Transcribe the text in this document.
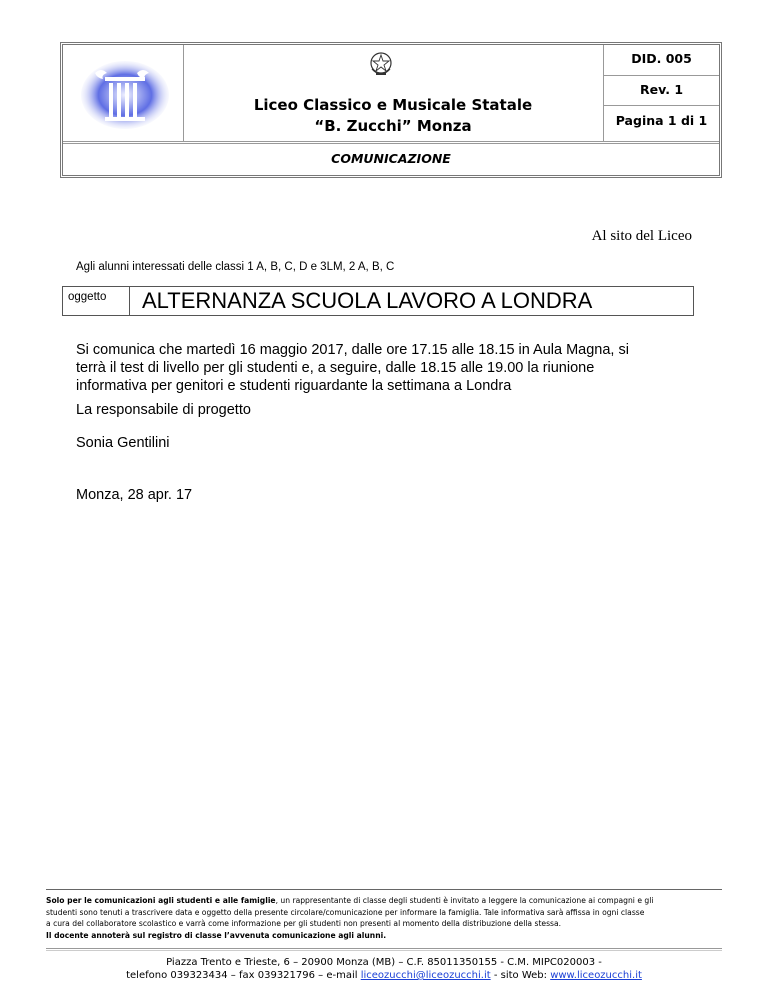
Liceo Classico e Musicale Statale
“B. Zucchi” Monza
DID. 005
Rev. 1
Pagina 1 di 1
COMUNICAZIONE
Al sito del Liceo
Agli alunni interessati delle classi 1 A, B, C, D e 3LM, 2 A, B, C
oggetto	ALTERNANZA SCUOLA LAVORO A LONDRA
Si comunica che martedì 16 maggio 2017, dalle ore 17.15 alle 18.15 in Aula Magna, si
terrà il test di livello per gli studenti e, a seguire, dalle 18.15 alle 19.00 la riunione
informativa per genitori e studenti riguardante la settimana a Londra
La responsabile di progetto
Sonia Gentilini
Monza, 28 apr. 17
Solo per le comunicazioni agli studenti e alle famiglie, un rappresentante di classe degli studenti è invitato a leggere la comunicazione ai compagni e gli
studenti sono tenuti a trascrivere data e oggetto della presente circolare/comunicazione per informare la famiglia. Tale informativa sarà affissa in ogni classe
a cura del collaboratore scolastico e varrà come informazione per gli studenti non presenti al momento della distribuzione della stessa.
Il docente annoterà sul registro di classe l’avvenuta comunicazione agli alunni.
Piazza Trento e Trieste, 6 – 20900 Monza (MB) – C.F. 85011350155 - C.M. MIPC020003 -
telefono 039323434 – fax 039321796 – e-mail liceozucchi@liceozucchi.it - sito Web: www.liceozucchi.it
